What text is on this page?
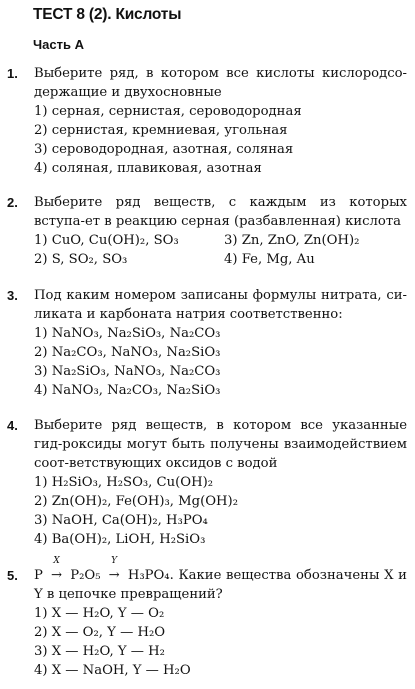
ТЕСТ 8 (2). Кислоты
Часть А
1. Выберите ряд, в котором все кислоты кислородсо-держащие и двухосновные
1) серная, сернистая, сероводородная
2) сернистая, кремниевая, угольная
3) сероводородная, азотная, соляная
4) соляная, плавиковая, азотная
2. Выберите ряд веществ, с каждым из которых вступа-ет в реакцию серная (разбавленная) кислота
1) CuO, Cu(OH)₂, SO₃	3) Zn, ZnO, Zn(OH)₂
2) S, SO₂, SO₃	4) Fe, Mg, Au
3. Под каким номером записаны формулы нитрата, си-ликата и карбоната натрия соответственно:
1) NaNO₃, Na₂SiO₃, Na₂CO₃
2) Na₂CO₃, NaNO₃, Na₂SiO₃
3) Na₂SiO₃, NaNO₃, Na₂CO₃
4) NaNO₃, Na₂CO₃, Na₂SiO₃
4. Выберите ряд веществ, в котором все указанные гид-роксиды могут быть получены взаимодействием соот-ветствующих оксидов с водой
1) H₂SiO₃, H₂SO₃, Cu(OH)₂
2) Zn(OH)₂, Fe(OH)₃, Mg(OH)₂
3) NaOH, Ca(OH)₂, H₃PO₄
4) Ba(OH)₂, LiOH, H₂SiO₃
5. P
X
→ P₂O₅
Y
→ H₃PO₄. Какие вещества обозначены X и Y в цепочке превращений?
1) X — H₂O, Y — O₂
2) X — O₂, Y — H₂O
3) X — H₂O, Y — H₂
4) X — NaOH, Y — H₂O
